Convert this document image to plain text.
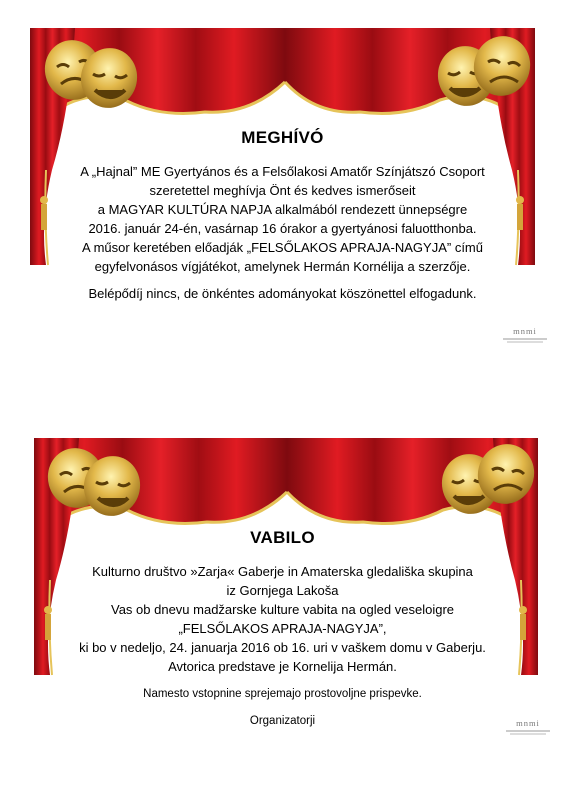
MEGHÍVÓ
A „Hajnal” ME Gyertyános és a Felsőlakosi Amatőr Színjátszó Csoport
szeretettel meghívja Önt és kedves ismerőseit
a MAGYAR KULTÚRA NAPJA alkalmából rendezett ünnepségre
2016. január 24-én, vasárnap 16 órakor a gyertyánosi faluotthonba.
A műsor keretében előadják „FELSŐLAKOS APRAJA-NAGYJA” című
egyfelvonásos vígjátékot, amelynek Hermán Kornélija a szerzője.
Belépődíj nincs, de önkéntes adományokat köszönettel elfogadunk.
mnmi
VABILO
Kulturno društvo »Zarja« Gaberje in Amaterska gledališka skupina
iz Gornjega Lakoša
Vas ob dnevu madžarske kulture vabita na ogled veseloigre
„FELSŐLAKOS APRAJA-NAGYJA”,
ki bo v nedeljo, 24. januarja 2016 ob 16. uri v vaškem domu v Gaberju.
Avtorica predstave je Kornelija Hermán.
Namesto vstopnine sprejemajo prostovoljne prispevke.
Organizatorji	mnmi
